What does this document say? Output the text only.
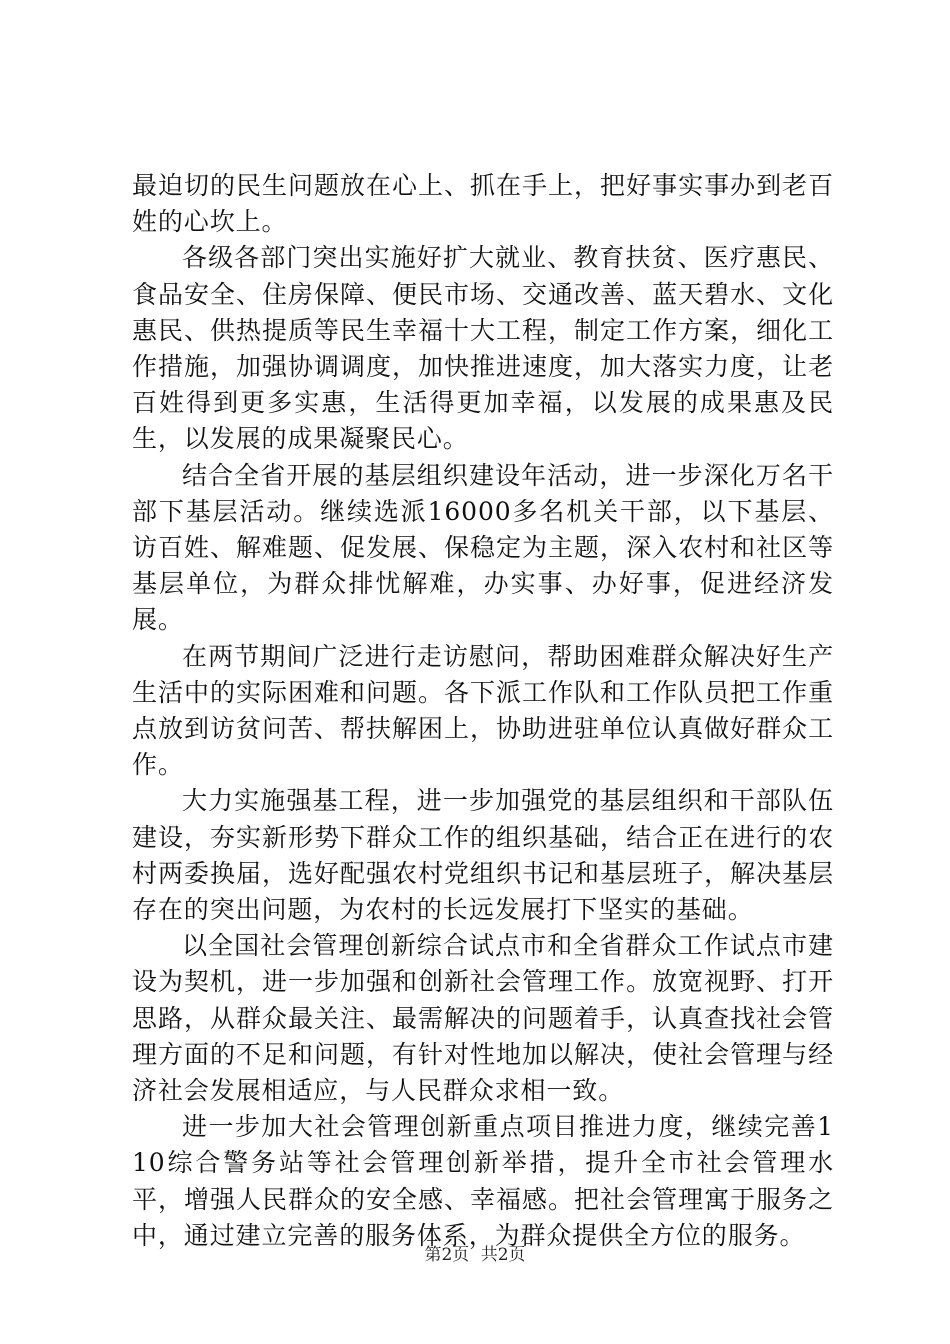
最迫切的民生问题放在心上、抓在手上，把好事实事办到老百姓的心坎上。

各级各部门突出实施好扩大就业、教育扶贫、医疗惠民、食品安全、住房保障、便民市场、交通改善、蓝天碧水、文化惠民、供热提质等民生幸福十大工程，制定工作方案，细化工作措施，加强协调调度，加快推进速度，加大落实力度，让老百姓得到更多实惠，生活得更加幸福，以发展的成果惠及民生，以发展的成果凝聚民心。

结合全省开展的基层组织建设年活动，进一步深化万名干部下基层活动。继续选派16000多名机关干部，以下基层、访百姓、解难题、促发展、保稳定为主题，深入农村和社区等基层单位，为群众排忧解难，办实事、办好事，促进经济发展。

在两节期间广泛进行走访慰问，帮助困难群众解决好生产生活中的实际困难和问题。各下派工作队和工作队员把工作重点放到访贫问苦、帮扶解困上，协助进驻单位认真做好群众工作。

大力实施强基工程，进一步加强党的基层组织和干部队伍建设，夯实新形势下群众工作的组织基础，结合正在进行的农村两委换届，选好配强农村党组织书记和基层班子，解决基层存在的突出问题，为农村的长远发展打下坚实的基础。

以全国社会管理创新综合试点市和全省群众工作试点市建设为契机，进一步加强和创新社会管理工作。放宽视野、打开思路，从群众最关注、最需解决的问题着手，认真查找社会管理方面的不足和问题，有针对性地加以解决，使社会管理与经济社会发展相适应，与人民群众求相一致。

进一步加大社会管理创新重点项目推进力度，继续完善110综合警务站等社会管理创新举措，提升全市社会管理水平，增强人民群众的安全感、幸福感。把社会管理寓于服务之中，通过建立完善的服务体系，为群众提供全方位的服务。

第2页 共2页
